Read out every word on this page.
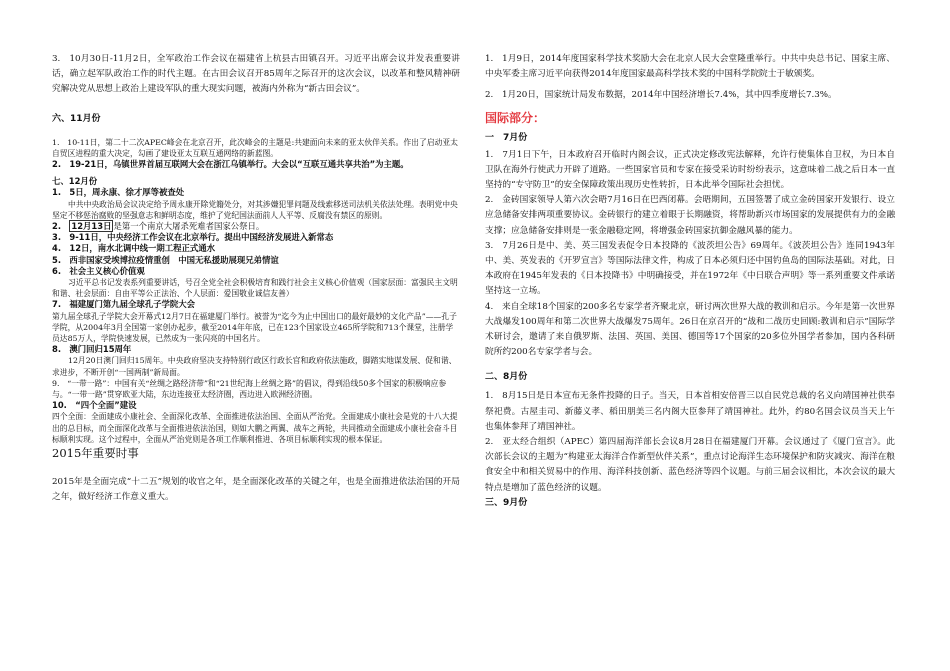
3.　10月30日-11月2日，全军政治工作会议在福建省上杭县古田镇召开。习近平出席会议并发表重要讲话，确立起军队政治工作的时代主题。在古田会议召开85周年之际召开的这次会议，以改革和整风精神研究解决党从思想上政治上建设军队的重大现实问题，被海内外称为“新古田会议”。

六、11月份

1.　10-11日，第二十二次APEC峰会在北京召开，此次峰会的主题是:共建面向未来的亚太伙伴关系。作出了启动亚太自贸区进程的重大决定，勾画了建设亚太互联互通网络的新蓝图。

2.　19-21日，乌镇世界首届互联网大会在浙江乌镇举行。大会以“互联互通共享共治”为主题。

七、12月份

1.　5日，周永康、徐才厚等被查处

中共中央政治局会议决定给予周永康开除党籍处分，对其涉嫌犯罪问题及线索移送司法机关依法处理。表明党中央坚定不移惩治腐败的坚强意志和鲜明态度，维护了党纪国法面前人人平等、反腐没有禁区的原则。

2.　12月13日 是第一个南京大屠杀死难者国家公祭日。

3.　9-11日，中央经济工作会议在北京举行。提出中国经济发展进入新常态

4.　12日，南水北调中线一期工程正式通水

5.　西非国家受埃博拉疫情重创　中国无私援助展现兄弟情谊

6.　社会主义核心价值观

习近平总书记发表系列重要讲话，号召全党全社会积极培育和践行社会主义核心价值观（国家层面：富强民主文明和谐、社会层面：自由平等公正法治、个人层面：爱国敬业诚信友善）

7.　福建厦门第九届全球孔子学院大会

第九届全球孔子学院大会开幕式12月7日在福建厦门举行。被誉为“迄今为止中国出口的最好最妙的文化产品”——孔子学院，从2004年3月全国第一家创办起步，截至2014年年底，已在123个国家设立465所学院和713个课堂，注册学员达85万人，学院快速发展，已然成为一张闪亮的中国名片。

8.　澳门回归15周年

12月20日澳门回归15周年。中央政府坚决支持特别行政区行政长官和政府依法施政，脚踏实地谋发展、促和谐、求进步，不断开创“一国两制”新局面。

9.　“一带一路”：中国有关“丝绸之路经济带”和“21世纪海上丝绸之路”的倡议，得到沿线50多个国家的积极响应参与。“一带一路”贯穿欧亚大陆，东边连接亚太经济圈，西边进入欧洲经济圈。

10.　“四个全面”建设

四个全面：全面建成小康社会、全面深化改革、全面推进依法治国、全面从严治党。全面建成小康社会是党的十八大提出的总目标，而全面深化改革与全面推进依法治国，则如大鹏之两翼、战车之两轮，共同推动全面建成小康社会奋斗目标顺利实现。这个过程中，全面从严治党则是各项工作顺利推进、各项目标顺利实现的根本保证。

2015年重要时事

2015年是全面完成“十二五”规划的收官之年，是全面深化改革的关键之年，也是全面推进依法治国的开局之年，做好经济工作意义重大。

1.　1月9日，2014年度国家科学技术奖励大会在北京人民大会堂隆重举行。中共中央总书记、国家主席、中央军委主席习近平向获得2014年度国家最高科学技术奖的中国科学院院士于敏颁奖。

2.　1月20日，国家统计局发布数据，2014年中国经济增长7.4%，其中四季度增长7.3%。

国际部分：

一　7月份

1.　7月1日下午，日本政府召开临时内阁会议，正式决定修改宪法解释，允许行使集体自卫权，为日本自卫队在海外行使武力开辟了道路。一些国家官员和专家在接受采访时纷纷表示，这意味着二战之后日本一直坚持的“专守防卫”的安全保障政策出现历史性转折，日本此举令国际社会担忧。

2.　金砖国家领导人第六次会晤7月16日在巴西闭幕。会晤期间，五国签署了成立金砖国家开发银行、设立应急储备安排两项重要协议。金砖银行的建立着眼于长期融资，将帮助新兴市场国家的发展提供有力的金融支撑；应急储备安排则是一张金融稳定网，将增强金砖国家抗御金融风暴的能力。

3.　7月26日是中、美、英三国发表促令日本投降的《波茨坦公告》69周年。《波茨坦公告》连同1943年中、美、英发表的《开罗宣言》等国际法律文件，构成了日本必须归还中国钓鱼岛的国际法基础。对此，日本政府在1945年发表的《日本投降书》中明确接受，并在1972年《中日联合声明》等一系列重要文件承诺坚持这一立场。

4.　来自全球18个国家的200多名专家学者齐聚北京，研讨两次世界大战的教训和启示。今年是第一次世界大战爆发100周年和第二次世界大战爆发75周年。26日在京召开的“战和二战历史回顾:教训和启示”国际学术研讨会，邀请了来自俄罗斯、法国、英国、美国、德国等17个国家的20多位外国学者参加，国内各科研院所约200名专家学者与会。

二、8月份

1.　8月15日是日本宣布无条件投降的日子。当天，日本首相安倍晋三以自民党总裁的名义向靖国神社供奉祭祀费。古屋圭司、新藤义孝、稻田朋美三名内阁大臣参拜了靖国神社。此外，约80名国会议员当天上午也集体参拜了靖国神社。

2.　亚太经合组织（APEC）第四届海洋部长会议8月28日在福建厦门开幕。会议通过了《厦门宣言》。此次部长会议的主题为“构建亚太海洋合作新型伙伴关系”，重点讨论海洋生态环境保护和防灾减灾、海洋在粮食安全中和相关贸易中的作用、海洋科技创新、蓝色经济等四个议题。与前三届会议相比，本次会议的最大特点是增加了蓝色经济的议题。

三、9月份
